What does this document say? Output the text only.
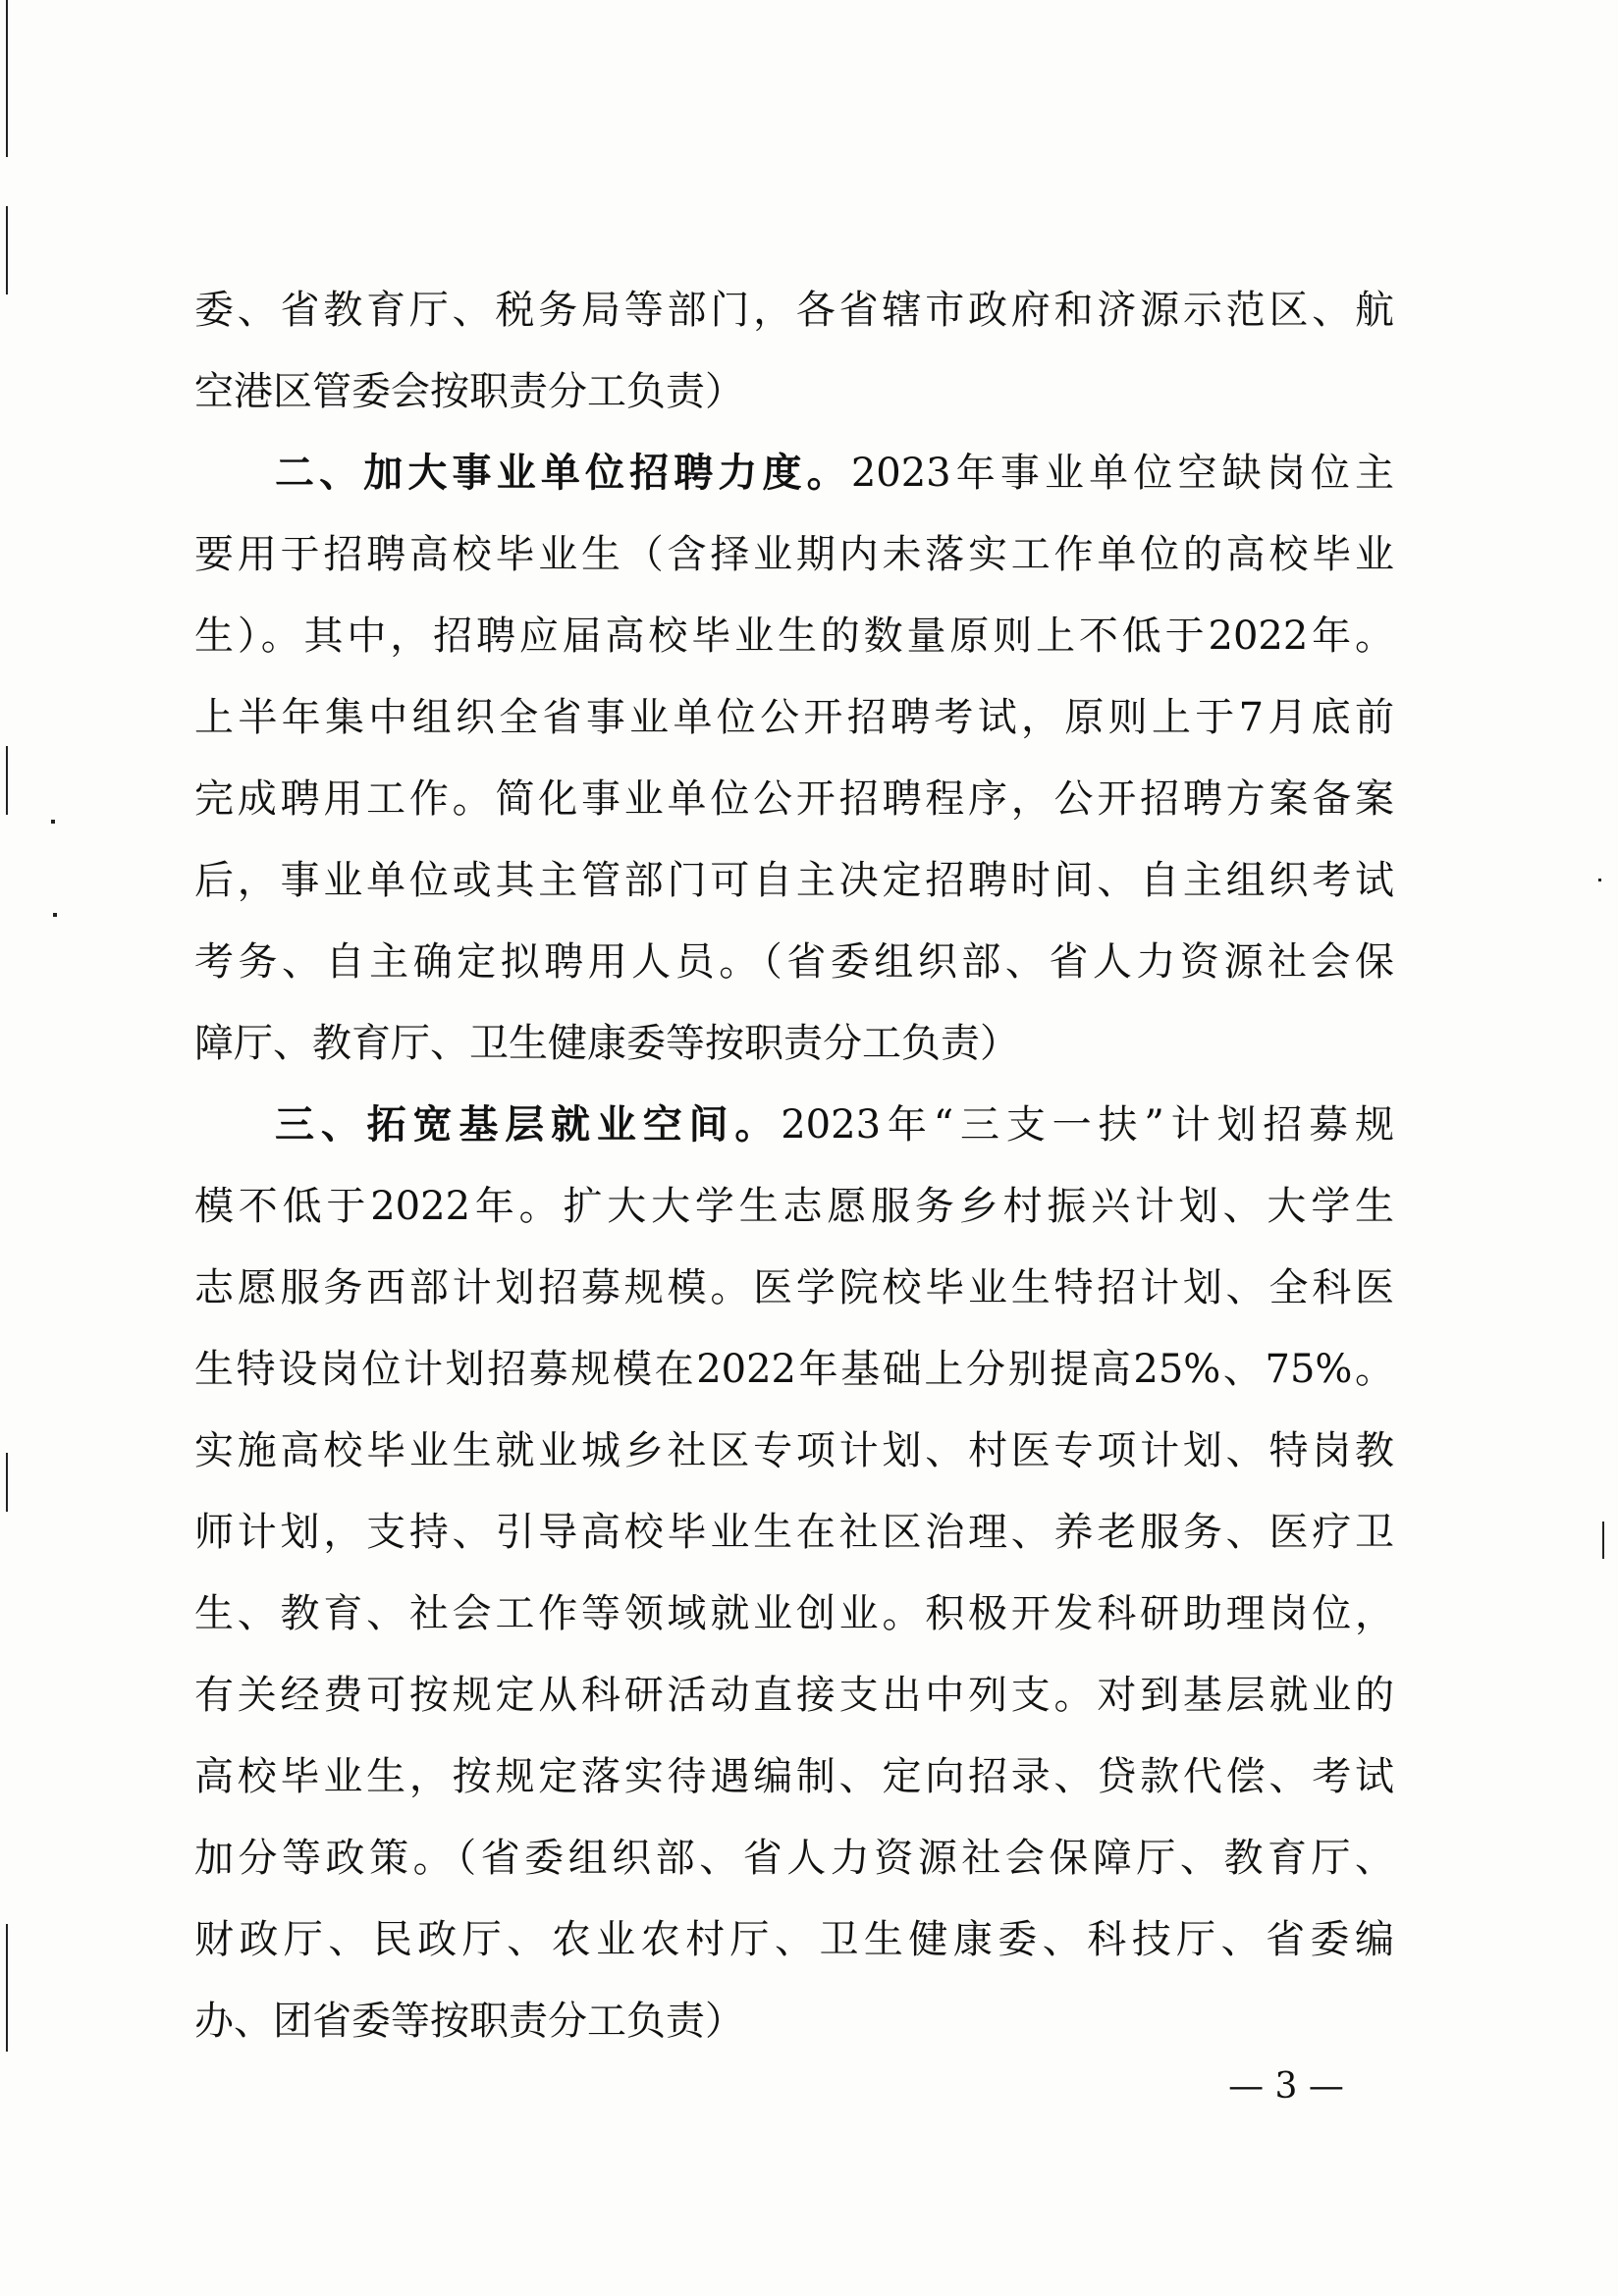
委、省教育厅、税务局等部门，各省辖市政府和济源示范区、航
空港区管委会按职责分工负责）
二、加大事业单位招聘力度。2023年事业单位空缺岗位主
要用于招聘高校毕业生（含择业期内未落实工作单位的高校毕业
生）。其中，招聘应届高校毕业生的数量原则上不低于2022年。
上半年集中组织全省事业单位公开招聘考试，原则上于7月底前
完成聘用工作。简化事业单位公开招聘程序，公开招聘方案备案
后，事业单位或其主管部门可自主决定招聘时间、自主组织考试
考务、自主确定拟聘用人员。（省委组织部、省人力资源社会保
障厅、教育厅、卫生健康委等按职责分工负责）
三、拓宽基层就业空间。2023年“三支一扶”计划招募规
模不低于2022年。扩大大学生志愿服务乡村振兴计划、大学生
志愿服务西部计划招募规模。医学院校毕业生特招计划、全科医
生特设岗位计划招募规模在2022年基础上分别提高25%、75%。
实施高校毕业生就业城乡社区专项计划、村医专项计划、特岗教
师计划，支持、引导高校毕业生在社区治理、养老服务、医疗卫
生、教育、社会工作等领域就业创业。积极开发科研助理岗位，
有关经费可按规定从科研活动直接支出中列支。对到基层就业的
高校毕业生，按规定落实待遇编制、定向招录、贷款代偿、考试
加分等政策。（省委组织部、省人力资源社会保障厅、教育厅、
财政厅、民政厅、农业农村厅、卫生健康委、科技厅、省委编
办、团省委等按职责分工负责）
— 3 —
